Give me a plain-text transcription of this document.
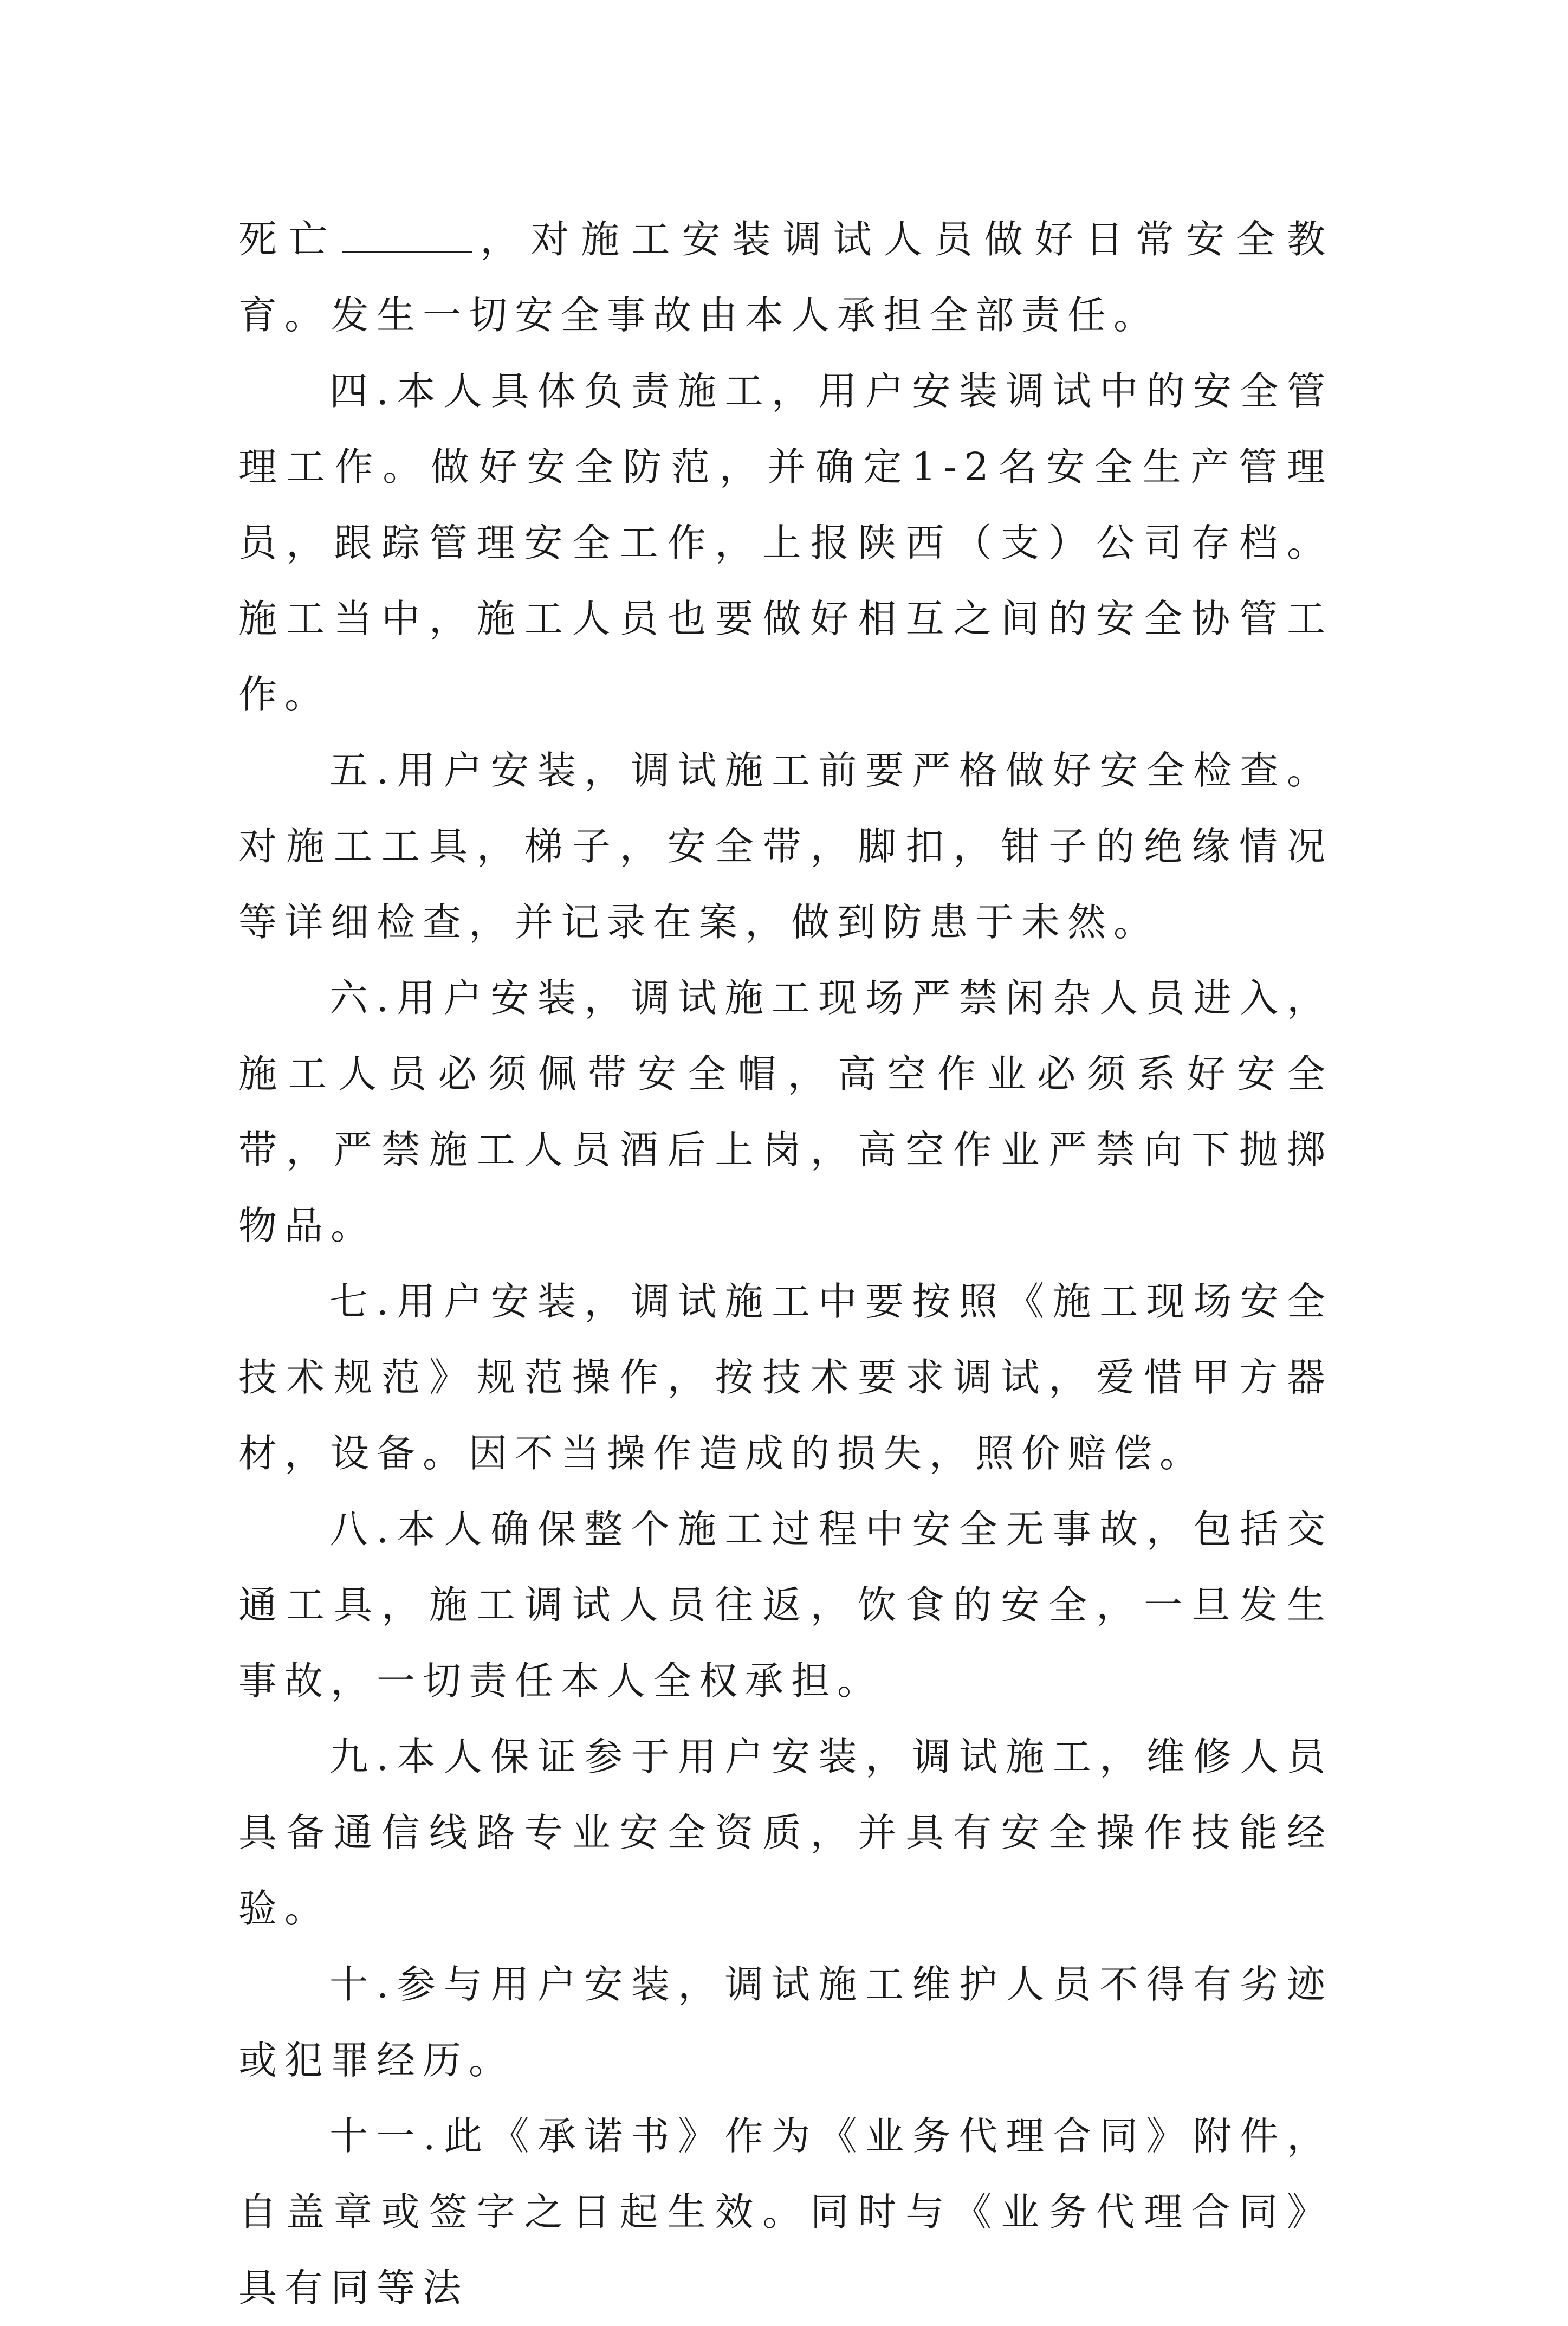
死亡	，对施工安装调试人员做好日常安全教育。发生一切安全事故由本人承担全部责任。

四.本人具体负责施工，用户安装调试中的安全管理工作。做好安全防范，并确定1-2名安全生产管理员，跟踪管理安全工作，上报陕西（支）公司存档。施工当中，施工人员也要做好相互之间的安全协管工作。

五.用户安装，调试施工前要严格做好安全检查。对施工工具，梯子，安全带，脚扣，钳子的绝缘情况等详细检查，并记录在案，做到防患于未然。

六.用户安装，调试施工现场严禁闲杂人员进入，施工人员必须佩带安全帽，高空作业必须系好安全带，严禁施工人员酒后上岗，高空作业严禁向下抛掷物品。

七.用户安装，调试施工中要按照《施工现场安全技术规范》规范操作，按技术要求调试，爱惜甲方器材，设备。因不当操作造成的损失，照价赔偿。

八.本人确保整个施工过程中安全无事故，包括交通工具，施工调试人员往返，饮食的安全，一旦发生事故，一切责任本人全权承担。

九.本人保证参于用户安装，调试施工，维修人员具备通信线路专业安全资质，并具有安全操作技能经验。

十.参与用户安装，调试施工维护人员不得有劣迹或犯罪经历。

十一.此《承诺书》作为《业务代理合同》附件，自盖章或签字之日起生效。同时与《业务代理合同》具有同等法
